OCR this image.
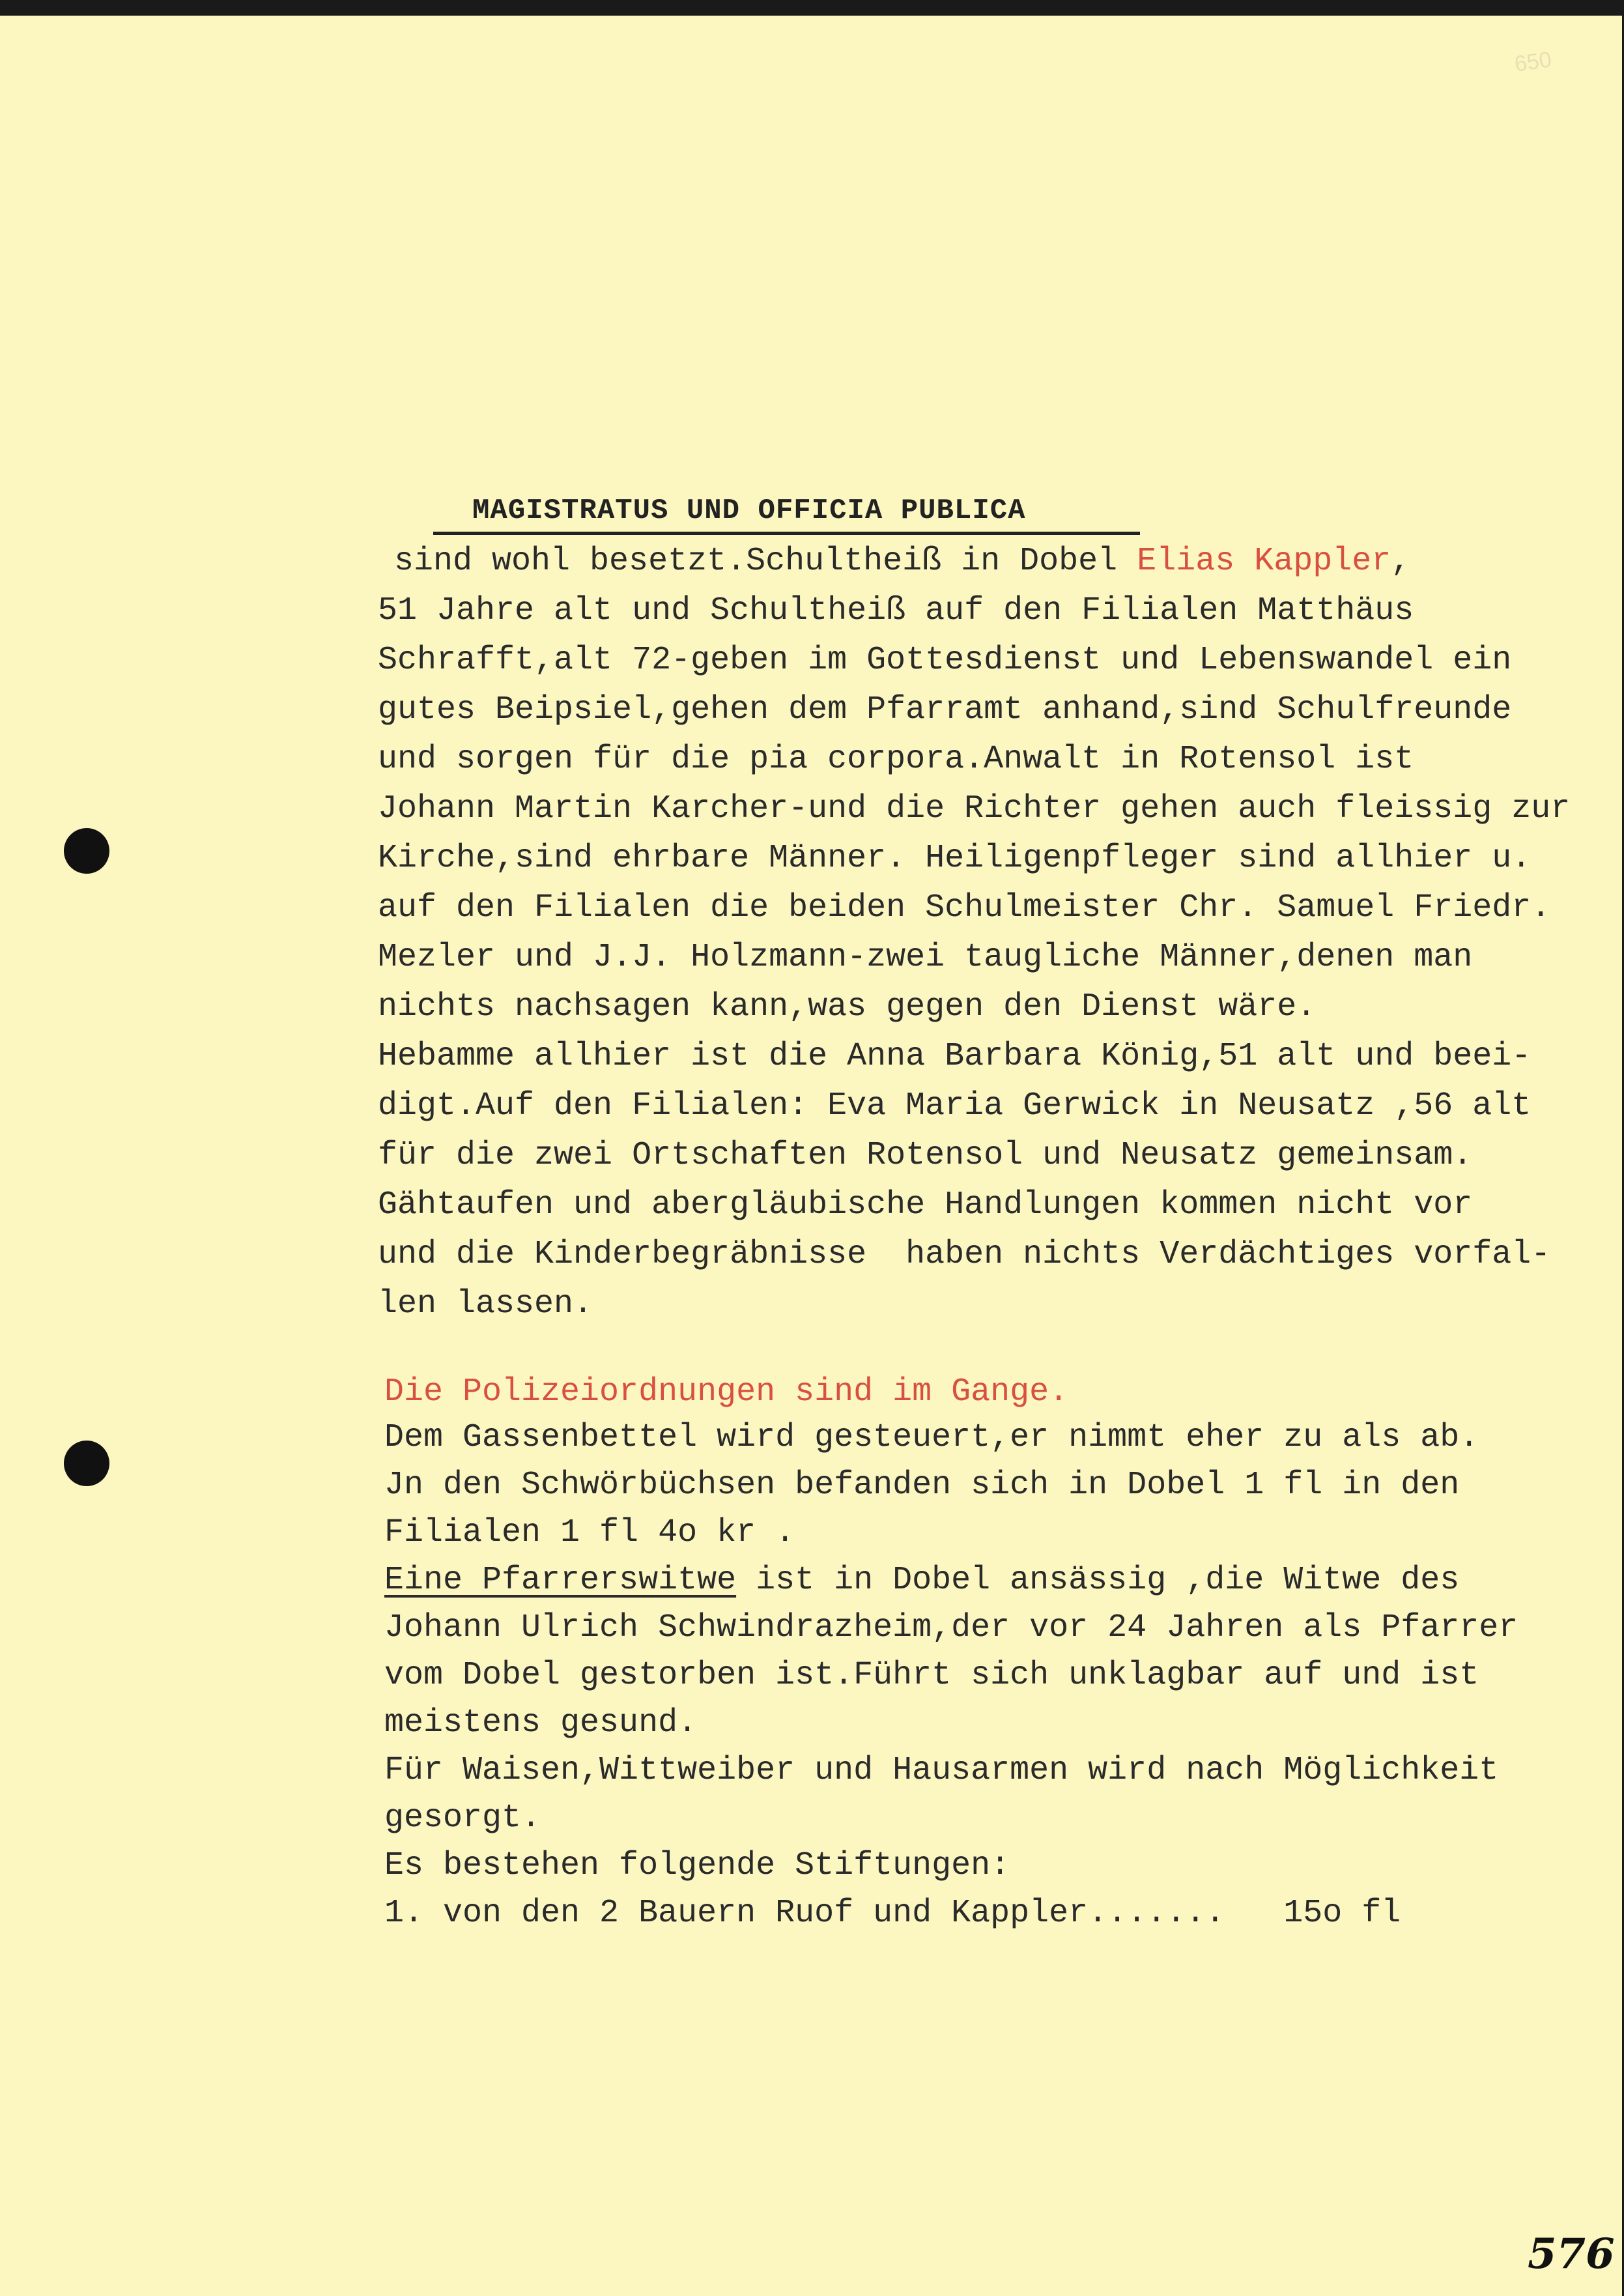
650
MAGISTRATUS UND OFFICIA PUBLICA
sind wohl besetzt.Schultheiß in Dobel Elias Kappler,
51 Jahre alt und Schultheiß auf den Filialen Matthäus
Schrafft,alt 72-geben im Gottesdienst und Lebenswandel ein
gutes Beipsiel,gehen dem Pfarramt anhand,sind Schulfreunde
und sorgen für die pia corpora.Anwalt in Rotensol ist
Johann Martin Karcher-und die Richter gehen auch fleissig zur
Kirche,sind ehrbare Männer. Heiligenpfleger sind allhier u.
auf den Filialen die beiden Schulmeister Chr. Samuel Friedr.
Mezler und J.J. Holzmann-zwei taugliche Männer,denen man
nichts nachsagen kann,was gegen den Dienst wäre.
Hebamme allhier ist die Anna Barbara König,51 alt und beei-
digt.Auf den Filialen: Eva Maria Gerwick in Neusatz ,56 alt
für die zwei Ortschaften Rotensol und Neusatz gemeinsam.
Gähtaufen und abergläubische Handlungen kommen nicht vor
und die Kinderbegräbnisse  haben nichts Verdächtiges vorfal-
len lassen.
Die Polizeiordnungen sind im Gange.
Dem Gassenbettel wird gesteuert,er nimmt eher zu als ab.
Jn den Schwörbüchsen befanden sich in Dobel 1 fl in den
Filialen 1 fl 4o kr .
Eine Pfarrerswitwe ist in Dobel ansässig ,die Witwe des
Johann Ulrich Schwindrazheim,der vor 24 Jahren als Pfarrer
vom Dobel gestorben ist.Führt sich unklagbar auf und ist
meistens gesund.
Für Waisen,Wittweiber und Hausarmen wird nach Möglichkeit
gesorgt.
Es bestehen folgende Stiftungen:
1. von den 2 Bauern Ruof und Kappler.......   15o fl
576
